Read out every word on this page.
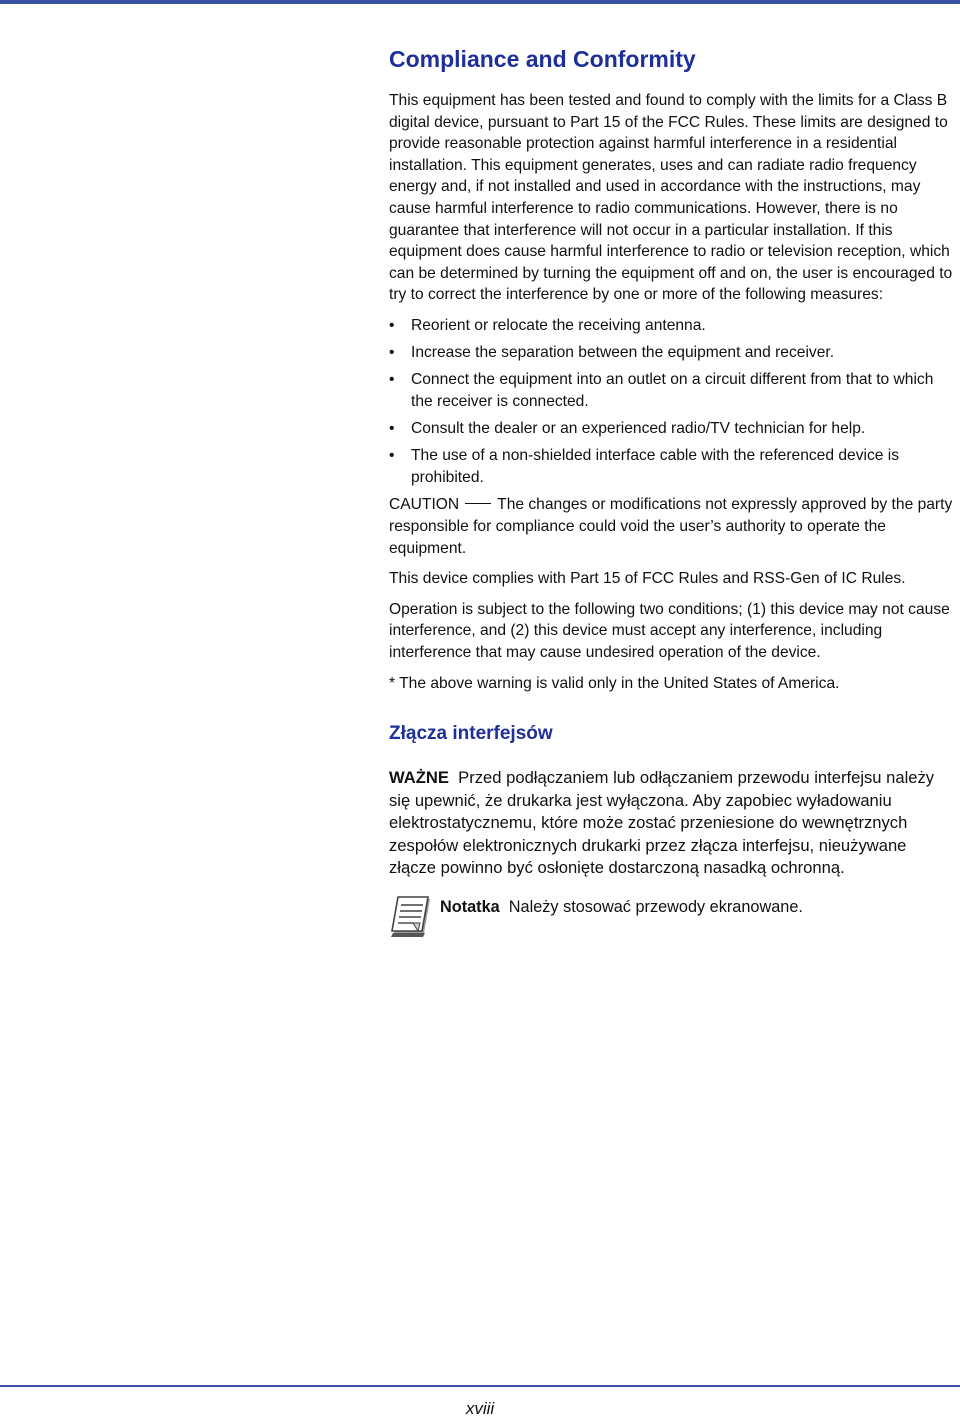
Compliance and Conformity

This equipment has been tested and found to comply with the limits for a Class B digital device, pursuant to Part 15 of the FCC Rules. These limits are designed to provide reasonable protection against harmful interference in a residential installation. This equipment generates, uses and can radiate radio frequency energy and, if not installed and used in accordance with the instructions, may cause harmful interference to radio communications. However, there is no guarantee that interference will not occur in a particular installation. If this equipment does cause harmful interference to radio or television reception, which can be determined by turning the equipment off and on, the user is encouraged to try to correct the interference by one or more of the following measures:

• Reorient or relocate the receiving antenna.
• Increase the separation between the equipment and receiver.
• Connect the equipment into an outlet on a circuit different from that to which the receiver is connected.
• Consult the dealer or an experienced radio/TV technician for help.
• The use of a non-shielded interface cable with the referenced device is prohibited.

CAUTION The changes or modifications not expressly approved by the party responsible for compliance could void the user’s authority to operate the equipment.

This device complies with Part 15 of FCC Rules and RSS-Gen of IC Rules.

Operation is subject to the following two conditions; (1) this device may not cause interference, and (2) this device must accept any interference, including interference that may cause undesired operation of the device.

* The above warning is valid only in the United States of America.

Złącza interfejsów

WAŻNE Przed podłączaniem lub odłączaniem przewodu interfejsu należy się upewnić, że drukarka jest wyłączona. Aby zapobiec wyładowaniu elektrostatycznemu, które może zostać przeniesione do wewnętrznych zespołów elektronicznych drukarki przez złącza interfejsu, nieużywane złącze powinno być osłonięte dostarczoną nasadką ochronną.

Notatka Należy stosować przewody ekranowane.
xviii
